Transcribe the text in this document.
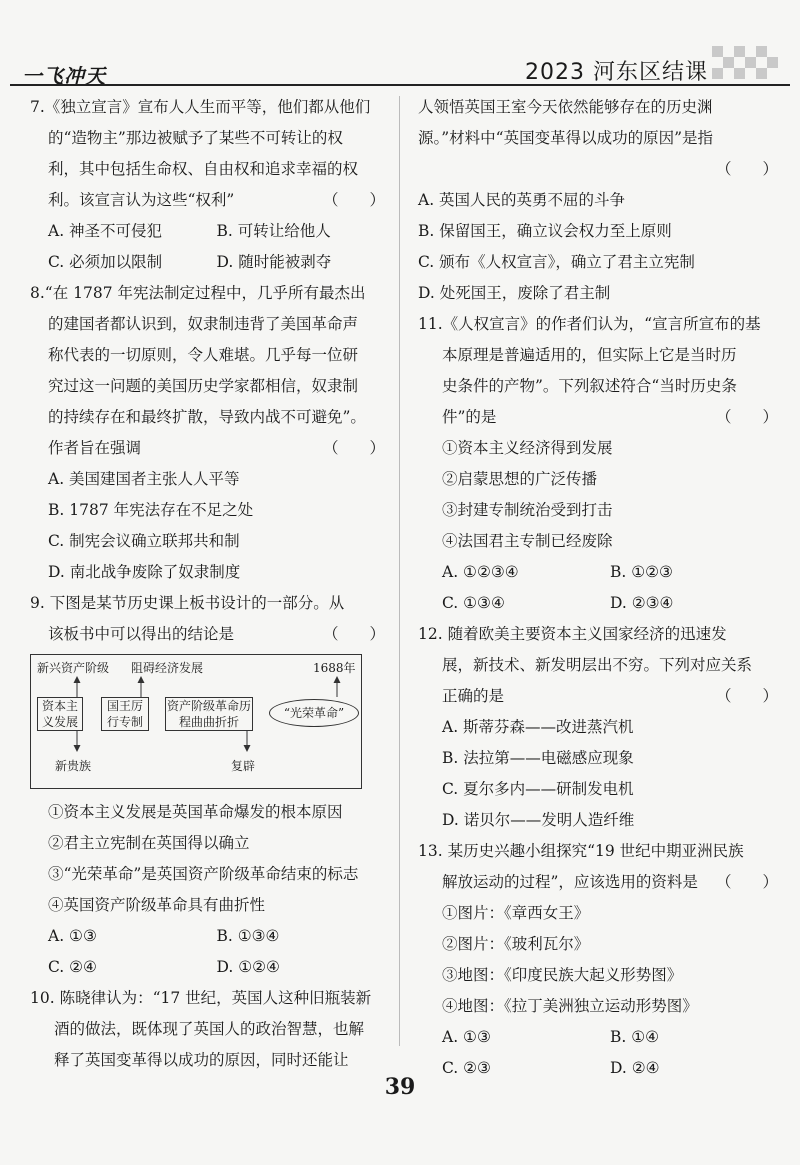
一飞冲天	2023 河东区结课

7.《独立宣言》宣布人人生而平等，他们都从他们

的“造物主”那边被赋予了某些不可转让的权

利，其中包括生命权、自由权和追求幸福的权

利。该宣言认为这些“权利”	（　　）

A. 神圣不可侵犯	B. 可转让给他人
C. 必须加以限制	D. 随时能被剥夺

8.“在 1787 年宪法制定过程中，几乎所有最杰出

的建国者都认识到，奴隶制违背了美国革命声

称代表的一切原则，令人难堪。几乎每一位研

究过这一问题的美国历史学家都相信，奴隶制

的持续存在和最终扩散，导致内战不可避免”。

作者旨在强调	（　　）

A. 美国建国者主张人人平等

B. 1787 年宪法存在不足之处

C. 制宪会议确立联邦共和制

D. 南北战争废除了奴隶制度

9. 下图是某节历史课上板书设计的一部分。从

该板书中可以得出的结论是	（　　）

新兴资产阶级 阻碍经济发展	1688年
资本主义发展
国王厉行专制
资产阶级革命历程曲曲折折
“光荣革命”
新贵族	复辟

①资本主义发展是英国革命爆发的根本原因

②君主立宪制在英国得以确立

③“光荣革命”是英国资产阶级革命结束的标志

④英国资产阶级革命具有曲折性

A. ①③	B. ①③④
C. ②④	D. ①②④

10. 陈晓律认为：“17 世纪，英国人这种旧瓶装新

酒的做法，既体现了英国人的政治智慧，也解

释了英国变革得以成功的原因，同时还能让

人领悟英国王室今天依然能够存在的历史渊

源。”材料中“英国变革得以成功的原因”是指

（　　）

A. 英国人民的英勇不屈的斗争

B. 保留国王，确立议会权力至上原则

C. 颁布《人权宣言》，确立了君主立宪制

D. 处死国王，废除了君主制

11.《人权宣言》的作者们认为，“宣言所宣布的基

本原理是普遍适用的，但实际上它是当时历

史条件的产物”。下列叙述符合“当时历史条

件”的是	（　　）

①资本主义经济得到发展

②启蒙思想的广泛传播

③封建专制统治受到打击

④法国君主专制已经废除

A. ①②③④	B. ①②③
C. ①③④	D. ②③④

12. 随着欧美主要资本主义国家经济的迅速发

展，新技术、新发明层出不穷。下列对应关系

正确的是	（　　）

A. 斯蒂芬森——改进蒸汽机

B. 法拉第——电磁感应现象

C. 夏尔多内——研制发电机

D. 诺贝尔——发明人造纤维

13. 某历史兴趣小组探究“19 世纪中期亚洲民族

解放运动的过程”，应该选用的资料是 （　　）

①图片：《章西女王》

②图片：《玻利瓦尔》

③地图：《印度民族大起义形势图》

④地图：《拉丁美洲独立运动形势图》

A. ①③	B. ①④
C. ②③	D. ②④
39
